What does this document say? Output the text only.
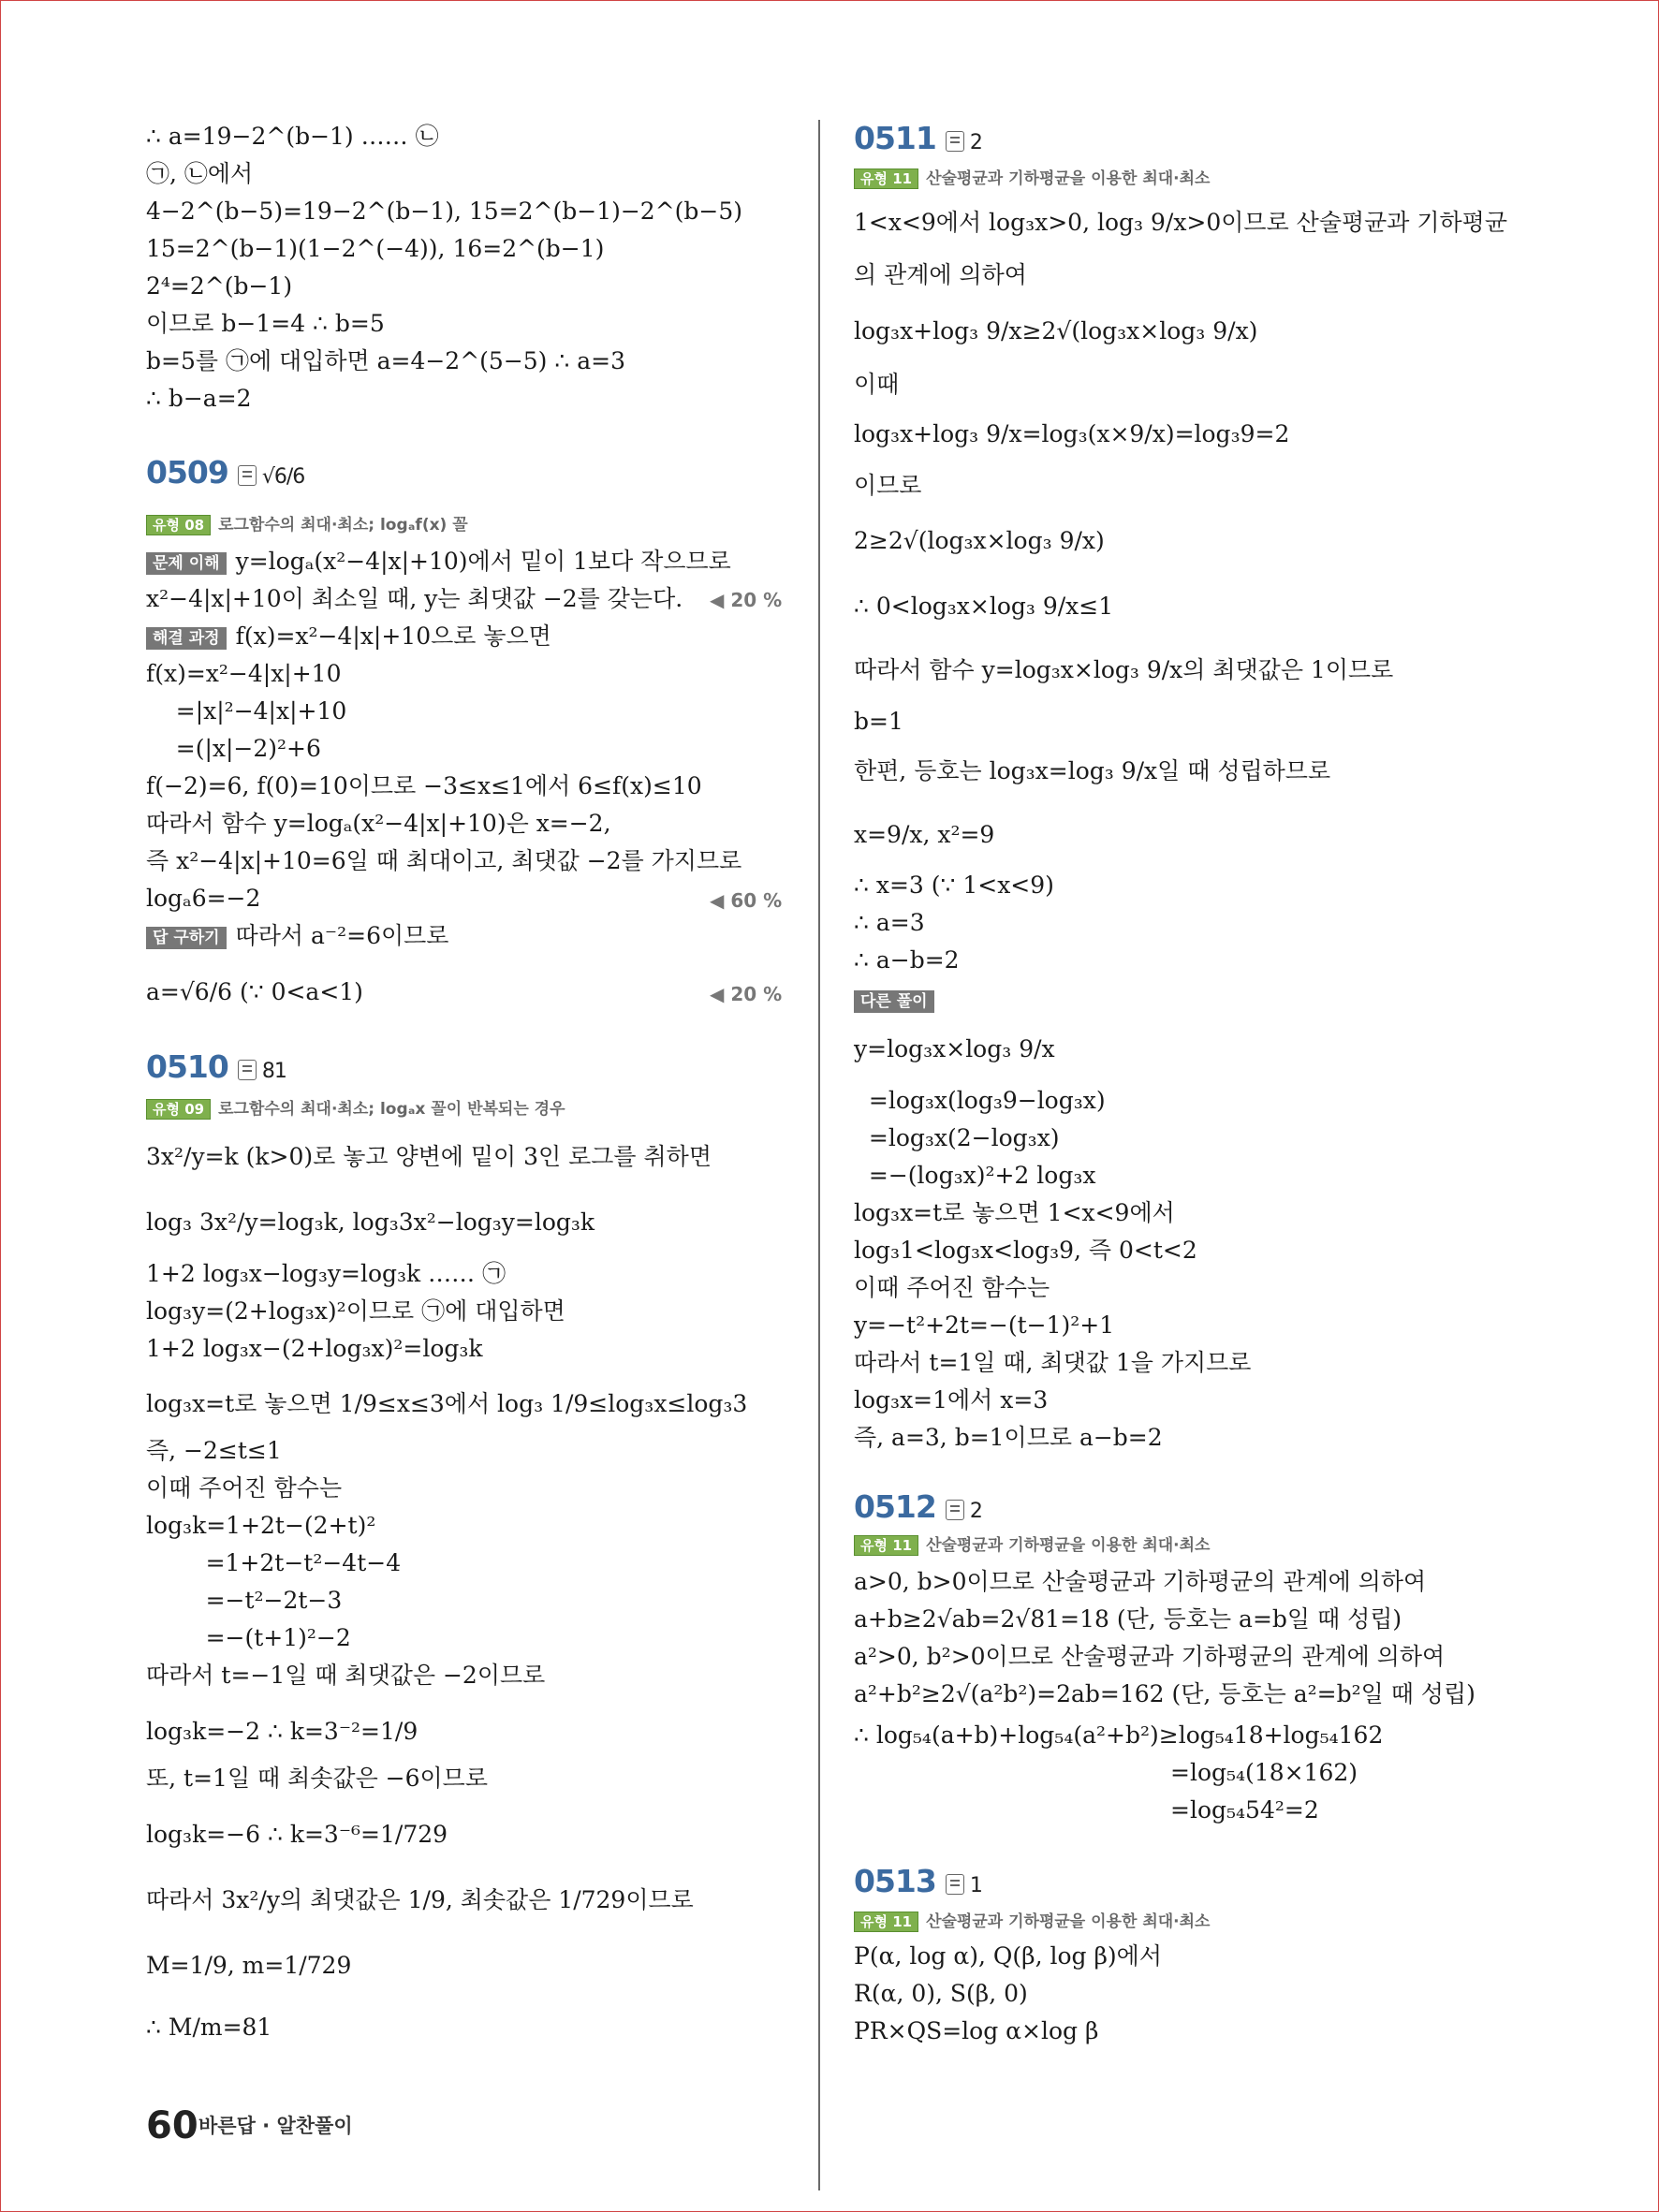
∴ a=19−2^(b−1) …… ㉡
㉠, ㉡에서
4−2^(b−5)=19−2^(b−1), 15=2^(b−1)−2^(b−5)
15=2^(b−1)(1−2^(−4)), 16=2^(b−1)
2⁴=2^(b−1)
이므로 b−1=4 ∴ b=5
b=5를 ㉠에 대입하면 a=4−2^(5−5) ∴ a=3
∴ b−a=2
0509 √6/6
유형 08 로그함수의 최대·최소; logₐf(x) 꼴
문제 이해 y=logₐ(x²−4|x|+10)에서 밑이 1보다 작으므로
x²−4|x|+10이 최소일 때, y는 최댓값 −2를 갖는다. ◀ 20 %
해결 과정 f(x)=x²−4|x|+10으로 놓으면
f(x)=x²−4|x|+10
=|x|²−4|x|+10
=(|x|−2)²+6
f(−2)=6, f(0)=10이므로 −3≤x≤1에서 6≤f(x)≤10
따라서 함수 y=logₐ(x²−4|x|+10)은 x=−2,
즉 x²−4|x|+10=6일 때 최대이고, 최댓값 −2를 가지므로
logₐ6=−2	◀ 60 %
답 구하기 따라서 a⁻²=6이므로
a=√6/6 (∵ 0<a<1)	◀ 20 %
0510 81
유형 09 로그함수의 최대·최소; logₐx 꼴이 반복되는 경우
3x²/y=k (k>0)로 놓고 양변에 밑이 3인 로그를 취하면
log₃ 3x²/y=log₃k, log₃3x²−log₃y=log₃k
1+2 log₃x−log₃y=log₃k …… ㉠
log₃y=(2+log₃x)²이므로 ㉠에 대입하면
1+2 log₃x−(2+log₃x)²=log₃k
log₃x=t로 놓으면 1/9≤x≤3에서 log₃ 1/9≤log₃x≤log₃3
즉, −2≤t≤1
이때 주어진 함수는
log₃k=1+2t−(2+t)²
=1+2t−t²−4t−4
=−t²−2t−3
=−(t+1)²−2
따라서 t=−1일 때 최댓값은 −2이므로
log₃k=−2 ∴ k=3⁻²=1/9
또, t=1일 때 최솟값은 −6이므로
log₃k=−6 ∴ k=3⁻⁶=1/729
따라서 3x²/y의 최댓값은 1/9, 최솟값은 1/729이므로
M=1/9, m=1/729
∴ M/m=81
0511 2
유형 11 산술평균과 기하평균을 이용한 최대·최소
1<x<9에서 log₃x>0, log₃ 9/x>0이므로 산술평균과 기하평균
의 관계에 의하여
log₃x+log₃ 9/x≥2√(log₃x×log₃ 9/x)
이때
log₃x+log₃ 9/x=log₃(x×9/x)=log₃9=2
이므로
2≥2√(log₃x×log₃ 9/x)
∴ 0<log₃x×log₃ 9/x≤1
따라서 함수 y=log₃x×log₃ 9/x의 최댓값은 1이므로
b=1
한편, 등호는 log₃x=log₃ 9/x일 때 성립하므로
x=9/x, x²=9
∴ x=3 (∵ 1<x<9)
∴ a=3
∴ a−b=2
다른 풀이
y=log₃x×log₃ 9/x
=log₃x(log₃9−log₃x)
=log₃x(2−log₃x)
=−(log₃x)²+2 log₃x
log₃x=t로 놓으면 1<x<9에서
log₃1<log₃x<log₃9, 즉 0<t<2
이때 주어진 함수는
y=−t²+2t=−(t−1)²+1
따라서 t=1일 때, 최댓값 1을 가지므로
log₃x=1에서 x=3
즉, a=3, b=1이므로 a−b=2
0512 2
유형 11 산술평균과 기하평균을 이용한 최대·최소
a>0, b>0이므로 산술평균과 기하평균의 관계에 의하여
a+b≥2√ab=2√81=18 (단, 등호는 a=b일 때 성립)
a²>0, b²>0이므로 산술평균과 기하평균의 관계에 의하여
a²+b²≥2√(a²b²)=2ab=162 (단, 등호는 a²=b²일 때 성립)
∴ log₅₄(a+b)+log₅₄(a²+b²)≥log₅₄18+log₅₄162
=log₅₄(18×162)
=log₅₄54²=2
0513 1
유형 11 산술평균과 기하평균을 이용한 최대·최소
P(α, log α), Q(β, log β)에서
R(α, 0), S(β, 0)
PR×QS=log α×log β
60 바른답 · 알찬풀이
